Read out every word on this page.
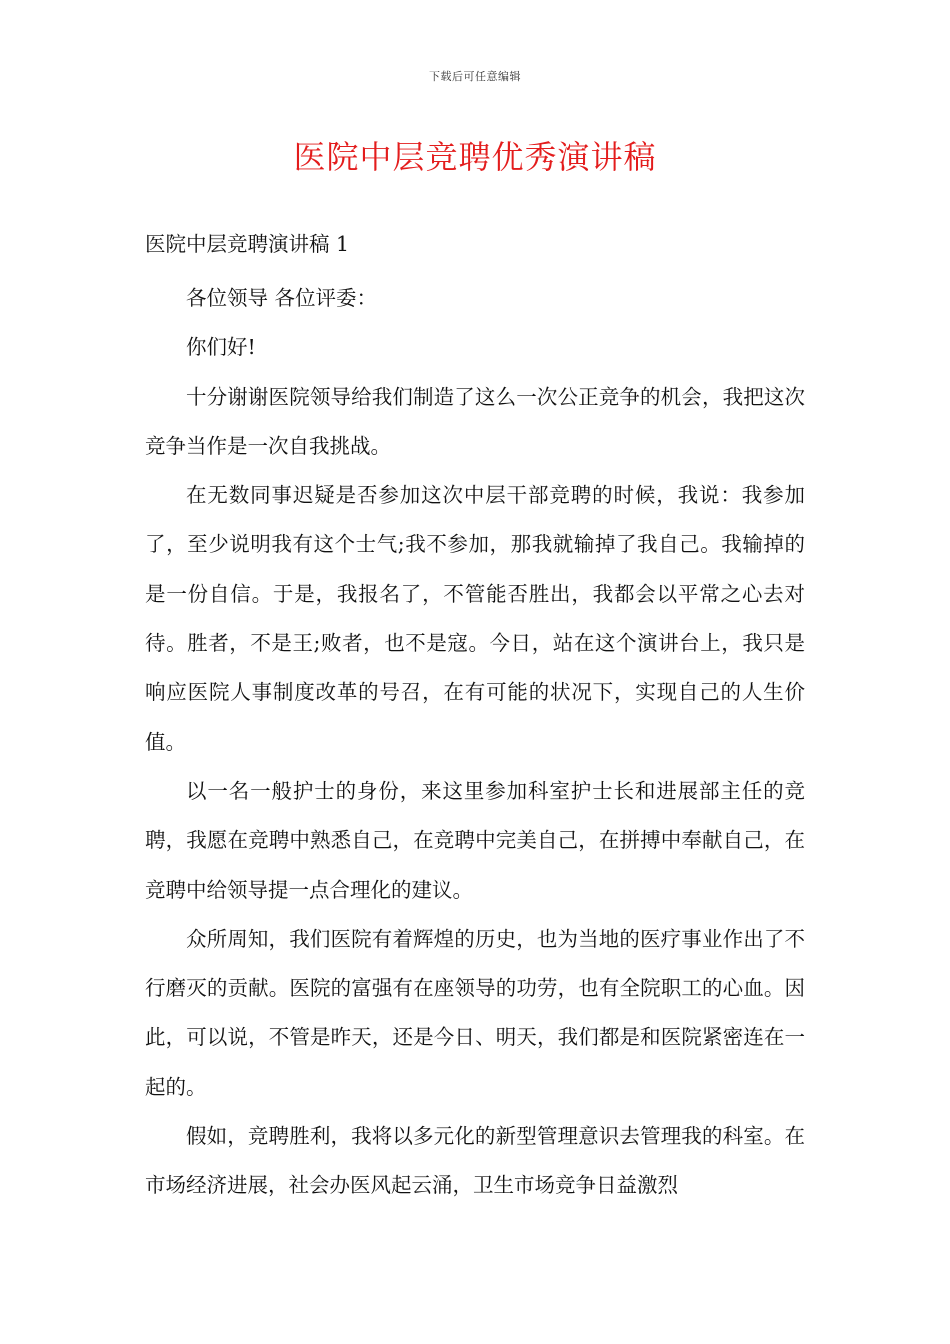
下载后可任意编辑
医院中层竞聘优秀演讲稿
医院中层竞聘演讲稿 1

各位领导 各位评委：

你们好!

十分谢谢医院领导给我们制造了这么一次公正竞争的机会，我把这次竞争当作是一次自我挑战。

在无数同事迟疑是否参加这次中层干部竞聘的时候，我说：我参加了，至少说明我有这个士气;我不参加，那我就输掉了我自己。我输掉的是一份自信。于是，我报名了，不管能否胜出，我都会以平常之心去对待。胜者，不是王;败者，也不是寇。今日，站在这个演讲台上，我只是响应医院人事制度改革的号召，在有可能的状况下，实现自己的人生价值。

以一名一般护士的身份，来这里参加科室护士长和进展部主任的竞聘，我愿在竞聘中熟悉自己，在竞聘中完美自己，在拼搏中奉献自己，在竞聘中给领导提一点合理化的建议。

众所周知，我们医院有着辉煌的历史，也为当地的医疗事业作出了不行磨灭的贡献。医院的富强有在座领导的功劳，也有全院职工的心血。因此，可以说，不管是昨天，还是今日、明天，我们都是和医院紧密连在一起的。

假如，竞聘胜利，我将以多元化的新型管理意识去管理我的科室。在市场经济进展，社会办医风起云涌，卫生市场竞争日益激烈
